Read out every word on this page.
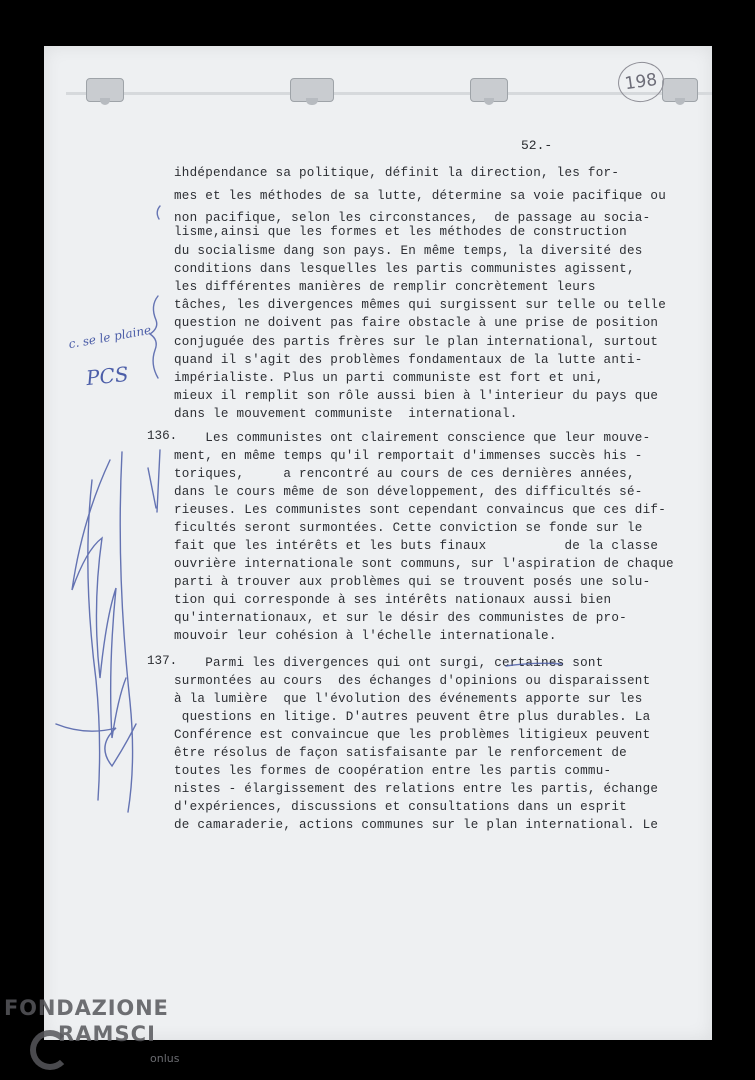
198
52.-
ihdépendance sa politique, définit la direction, les for-
mes et les méthodes de sa lutte, détermine sa voie pacifique ou
non pacifique, selon les circonstances,  de passage au socia-
lisme,ainsi que les formes et les méthodes de construction
du socialisme dang son pays. En même temps, la diversité des
conditions dans lesquelles les partis communistes agissent,
les différentes manières de remplir concrètement leurs
tâches, les divergences mêmes qui surgissent sur telle ou telle
question ne doivent pas faire obstacle à une prise de position
conjuguée des partis frères sur le plan international, surtout
quand il s'agit des problèmes fondamentaux de la lutte anti-
impérialiste. Plus un parti communiste est fort et uni,
mieux il remplit son rôle aussi bien à l'interieur du pays que
dans le mouvement communiste  international.
136.
Les communistes ont clairement conscience que leur mouve-
ment, en même temps qu'il remportait d'immenses succès his -
toriques,     a rencontré au cours de ces dernières années,
dans le cours même de son développement, des difficultés sé-
rieuses. Les communistes sont cependant convaincus que ces dif-
ficultés seront surmontées. Cette conviction se fonde sur le
fait que les intérêts et les buts finaux          de la classe
ouvrière internationale sont communs, sur l'aspiration de chaque
parti à trouver aux problèmes qui se trouvent posés une solu-
tion qui corresponde à ses intérêts nationaux aussi bien
qu'internationaux, et sur le désir des communistes de pro-
mouvoir leur cohésion à l'échelle internationale.
137.
Parmi les divergences qui ont surgi, certaines sont
surmontées au cours  des échanges d'opinions ou disparaissent
à la lumière  que l'évolution des événements apporte sur les
questions en litige. D'autres peuvent être plus durables. La
Conférence est convaincue que les problèmes litigieux peuvent
être résolus de façon satisfaisante par le renforcement de
toutes les formes de coopération entre les partis commu-
nistes - élargissement des relations entre les partis, échange
d'expériences, discussions et consultations dans un esprit
de camaraderie, actions communes sur le plan international. Le
c. se le plaine
PCS
FONDAZIONE
RAMSCI
onlus
